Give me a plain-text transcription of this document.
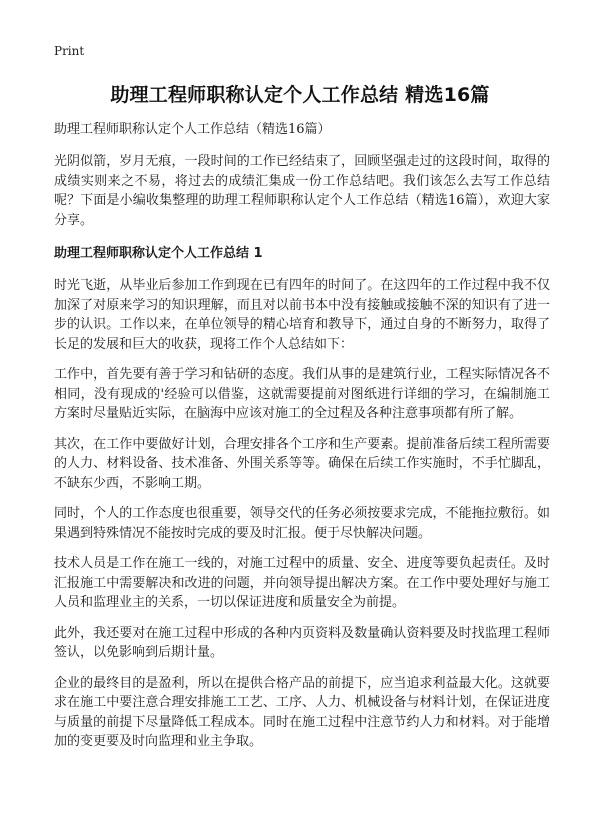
Print
助理工程师职称认定个人工作总结 精选16篇
助理工程师职称认定个人工作总结（精选16篇）

光阴似箭，岁月无痕，一段时间的工作已经结束了，回顾坚强走过的这段时间，取得的成绩实则来之不易，将过去的成绩汇集成一份工作总结吧。我们该怎么去写工作总结呢？下面是小编收集整理的助理工程师职称认定个人工作总结（精选16篇），欢迎大家分享。

助理工程师职称认定个人工作总结 1

时光飞逝，从毕业后参加工作到现在已有四年的时间了。在这四年的工作过程中我不仅加深了对原来学习的知识理解，而且对以前书本中没有接触或接触不深的知识有了进一步的认识。工作以来，在单位领导的精心培育和教导下，通过自身的不断努力，取得了长足的发展和巨大的收获，现将工作个人总结如下：

工作中，首先要有善于学习和钻研的态度。我们从事的是建筑行业，工程实际情况各不相同，没有现成的'经验可以借鉴，这就需要提前对图纸进行详细的学习，在编制施工方案时尽量贴近实际，在脑海中应该对施工的全过程及各种注意事项都有所了解。

其次，在工作中要做好计划，合理安排各个工序和生产要素。提前准备后续工程所需要的人力、材料设备、技术准备、外围关系等等。确保在后续工作实施时，不手忙脚乱，不缺东少西，不影响工期。

同时，个人的工作态度也很重要，领导交代的任务必须按要求完成，不能拖拉敷衍。如果遇到特殊情况不能按时完成的要及时汇报。便于尽快解决问题。

技术人员是工作在施工一线的，对施工过程中的质量、安全、进度等要负起责任。及时汇报施工中需要解决和改进的问题，并向领导提出解决方案。在工作中要处理好与施工人员和监理业主的关系，一切以保证进度和质量安全为前提。

此外，我还要对在施工过程中形成的各种内页资料及数量确认资料要及时找监理工程师签认，以免影响到后期计量。

企业的最终目的是盈利，所以在提供合格产品的前提下，应当追求利益最大化。这就要求在施工中要注意合理安排施工工艺、工序、人力、机械设备与材料计划，在保证进度与质量的前提下尽量降低工程成本。同时在施工过程中注意节约人力和材料。对于能增加的变更要及时向监理和业主争取。
